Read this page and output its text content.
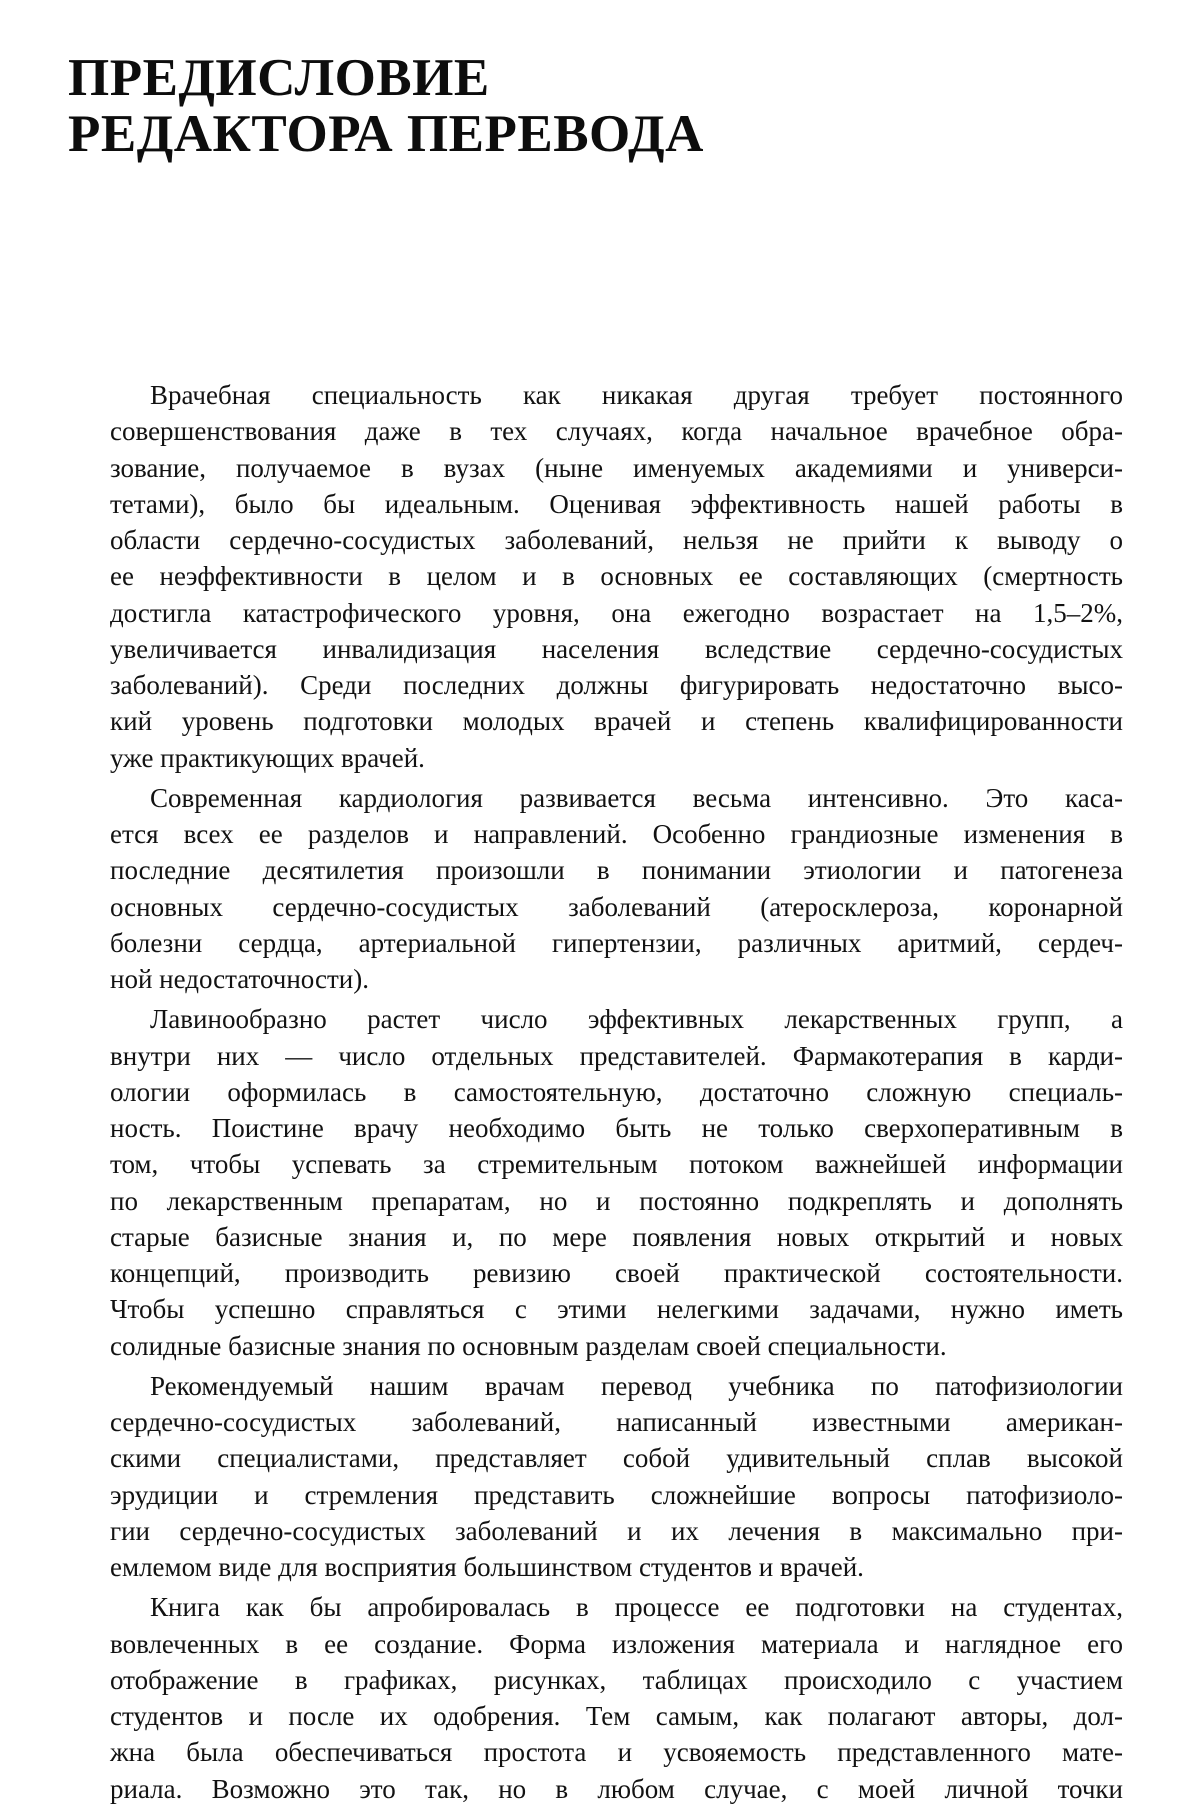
ПРЕДИСЛОВИЕ
РЕДАКТОРА ПЕРЕВОДА
Врачебная специальность как никакая другая требует постоянного
совершенствования даже в тех случаях, когда начальное врачебное обра-
зование, получаемое в вузах (ныне именуемых академиями и универси-
тетами), было бы идеальным. Оценивая эффективность нашей работы в
области сердечно-сосудистых заболеваний, нельзя не прийти к выводу о
ее неэффективности в целом и в основных ее составляющих (смертность
достигла катастрофического уровня, она ежегодно возрастает на 1,5–2%,
увеличивается инвалидизация населения вследствие сердечно-сосудистых
заболеваний). Среди последних должны фигурировать недостаточно высо-
кий уровень подготовки молодых врачей и степень квалифицированности
уже практикующих врачей.
Современная кардиология развивается весьма интенсивно. Это каса-
ется всех ее разделов и направлений. Особенно грандиозные изменения в
последние десятилетия произошли в понимании этиологии и патогенеза
основных сердечно-сосудистых заболеваний (атеросклероза, коронарной
болезни сердца, артериальной гипертензии, различных аритмий, сердеч-
ной недостаточности).
Лавинообразно растет число эффективных лекарственных групп, а
внутри них — число отдельных представителей. Фармакотерапия в карди-
ологии оформилась в самостоятельную, достаточно сложную специаль-
ность. Поистине врачу необходимо быть не только сверхоперативным в
том, чтобы успевать за стремительным потоком важнейшей информации
по лекарственным препаратам, но и постоянно подкреплять и дополнять
старые базисные знания и, по мере появления новых открытий и новых
концепций, производить ревизию своей практической состоятельности.
Чтобы успешно справляться с этими нелегкими задачами, нужно иметь
солидные базисные знания по основным разделам своей специальности.
Рекомендуемый нашим врачам перевод учебника по патофизиологии
сердечно-сосудистых заболеваний, написанный известными американ-
скими специалистами, представляет собой удивительный сплав высокой
эрудиции и стремления представить сложнейшие вопросы патофизиоло-
гии сердечно-сосудистых заболеваний и их лечения в максимально при-
емлемом виде для восприятия большинством студентов и врачей.
Книга как бы апробировалась в процессе ее подготовки на студентах,
вовлеченных в ее создание. Форма изложения материала и наглядное его
отображение в графиках, рисунках, таблицах происходило с участием
студентов и после их одобрения. Тем самым, как полагают авторы, дол-
жна была обеспечиваться простота и усвояемость представленного мате-
риала. Возможно это так, но в любом случае, с моей личной точки
